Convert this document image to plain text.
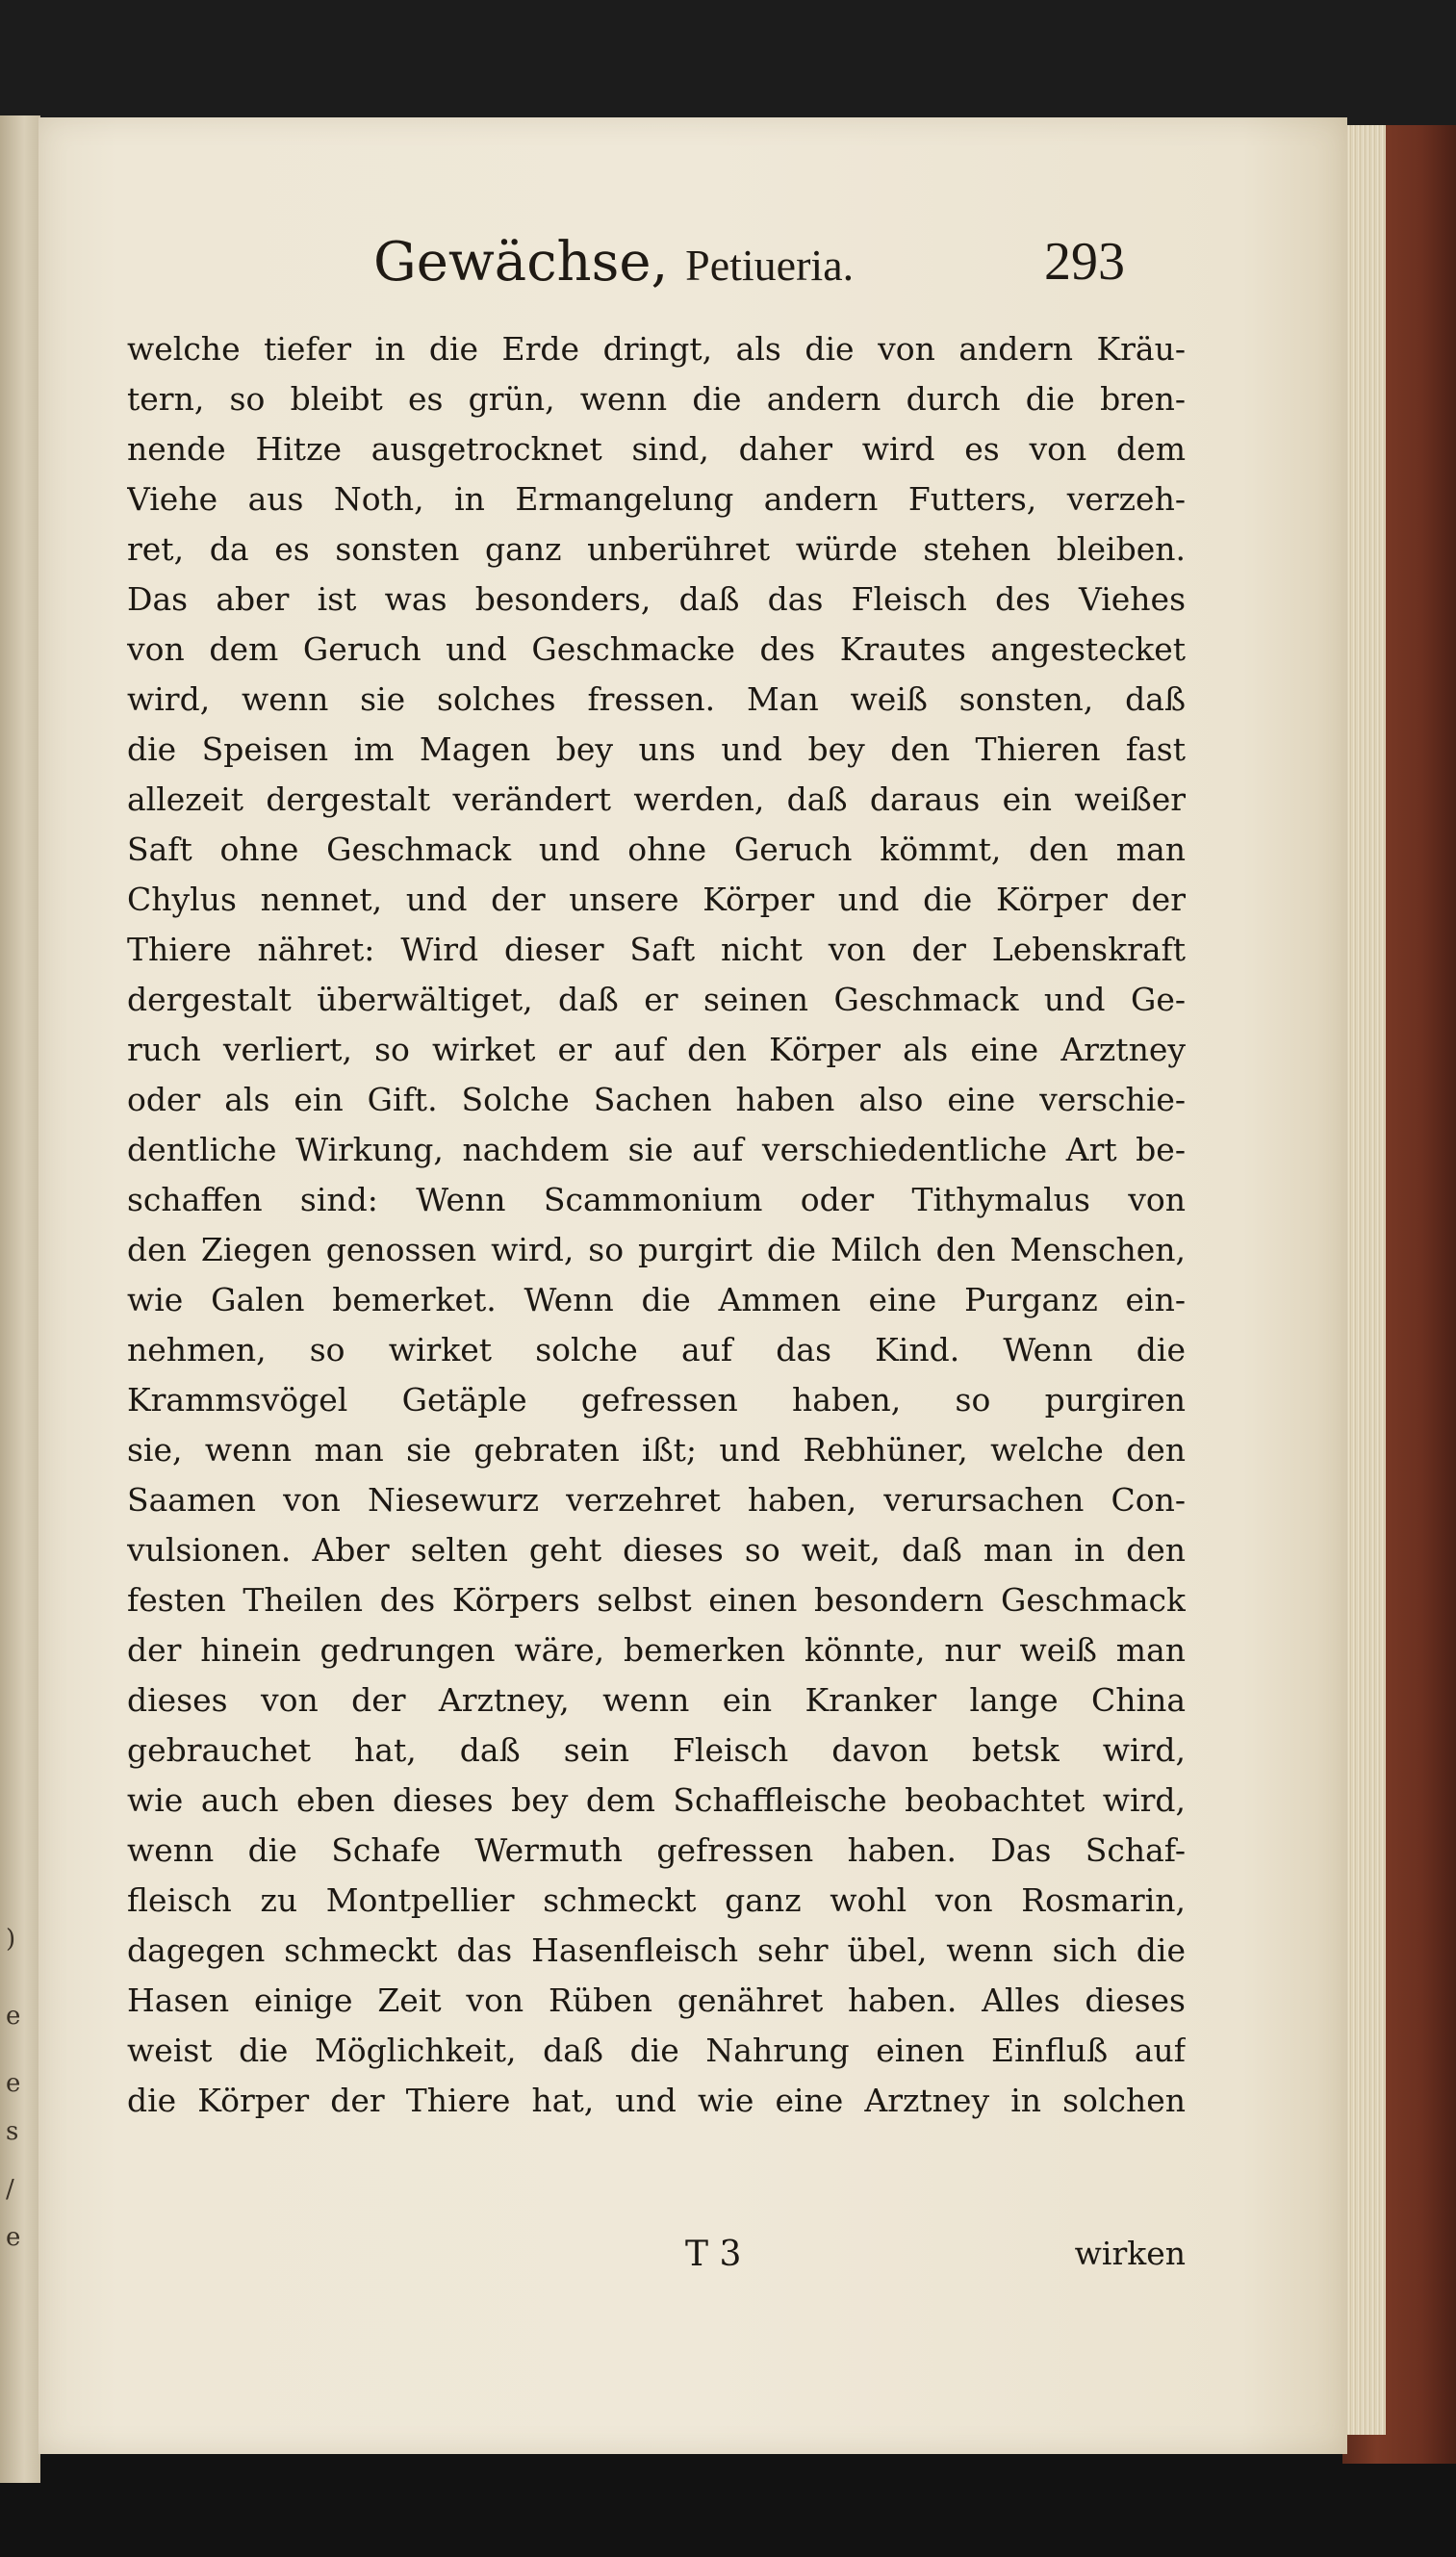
)
e
e
s
/
e
Gewächse, Petiueria.	293
welche tiefer in die Erde dringt, als die von andern Kräu-
tern, so bleibt es grün, wenn die andern durch die bren-
nende Hitze ausgetrocknet sind, daher wird es von dem
Viehe aus Noth, in Ermangelung andern Futters, verzeh-
ret, da es sonsten ganz unberühret würde stehen bleiben.
Das aber ist was besonders, daß das Fleisch des Viehes
von dem Geruch und Geschmacke des Krautes angestecket
wird, wenn sie solches fressen. Man weiß sonsten, daß
die Speisen im Magen bey uns und bey den Thieren fast
allezeit dergestalt verändert werden, daß daraus ein weißer
Saft ohne Geschmack und ohne Geruch kömmt, den man
Chylus nennet, und der unsere Körper und die Körper der
Thiere nähret: Wird dieser Saft nicht von der Lebenskraft
dergestalt überwältiget, daß er seinen Geschmack und Ge-
ruch verliert, so wirket er auf den Körper als eine Arztney
oder als ein Gift. Solche Sachen haben also eine verschie-
dentliche Wirkung, nachdem sie auf verschiedentliche Art be-
schaffen sind: Wenn Scammonium oder Tithymalus von
den Ziegen genossen wird, so purgirt die Milch den Menschen,
wie Galen bemerket. Wenn die Ammen eine Purganz ein-
nehmen, so wirket solche auf das Kind. Wenn die
Krammsvögel Getäple gefressen haben, so purgiren
sie, wenn man sie gebraten ißt; und Rebhüner, welche den
Saamen von Niesewurz verzehret haben, verursachen Con-
vulsionen. Aber selten geht dieses so weit, daß man in den
festen Theilen des Körpers selbst einen besondern Geschmack
der hinein gedrungen wäre, bemerken könnte, nur weiß man
dieses von der Arztney, wenn ein Kranker lange China
gebrauchet hat, daß sein Fleisch davon betsk wird,
wie auch eben dieses bey dem Schaffleische beobachtet wird,
wenn die Schafe Wermuth gefressen haben. Das Schaf-
fleisch zu Montpellier schmeckt ganz wohl von Rosmarin,
dagegen schmeckt das Hasenfleisch sehr übel, wenn sich die
Hasen einige Zeit von Rüben genähret haben. Alles dieses
weist die Möglichkeit, daß die Nahrung einen Einfluß auf
die Körper der Thiere hat, und wie eine Arztney in solchen
T 3	wirken
